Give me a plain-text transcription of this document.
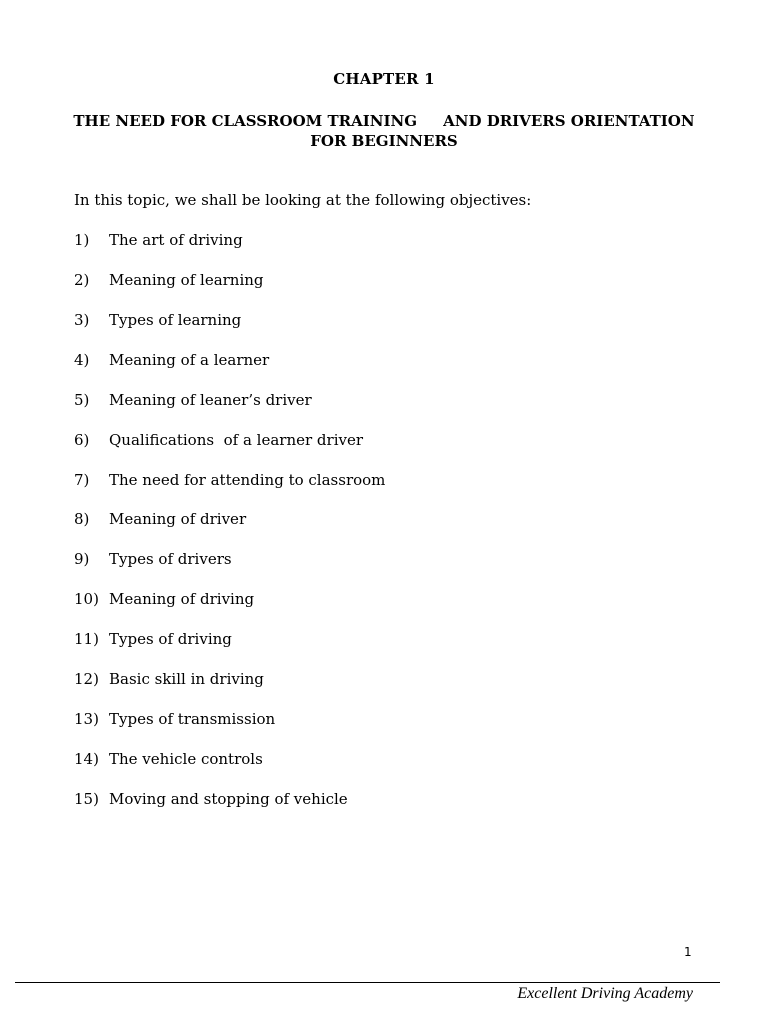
CHAPTER 1
THE NEED FOR CLASSROOM TRAINING     AND DRIVERS ORIENTATION FOR BEGINNERS
In this topic, we shall be looking at the following objectives:
1) The art of driving
2) Meaning of learning
3) Types of learning
4) Meaning of a learner
5) Meaning of leaner’s driver
6) Qualifications  of a learner driver
7) The need for attending to classroom
8) Meaning of driver
9) Types of drivers
10) Meaning of driving
11) Types of driving
12) Basic skill in driving
13) Types of transmission
14) The vehicle controls
15) Moving and stopping of vehicle
1
Excellent Driving Academy
